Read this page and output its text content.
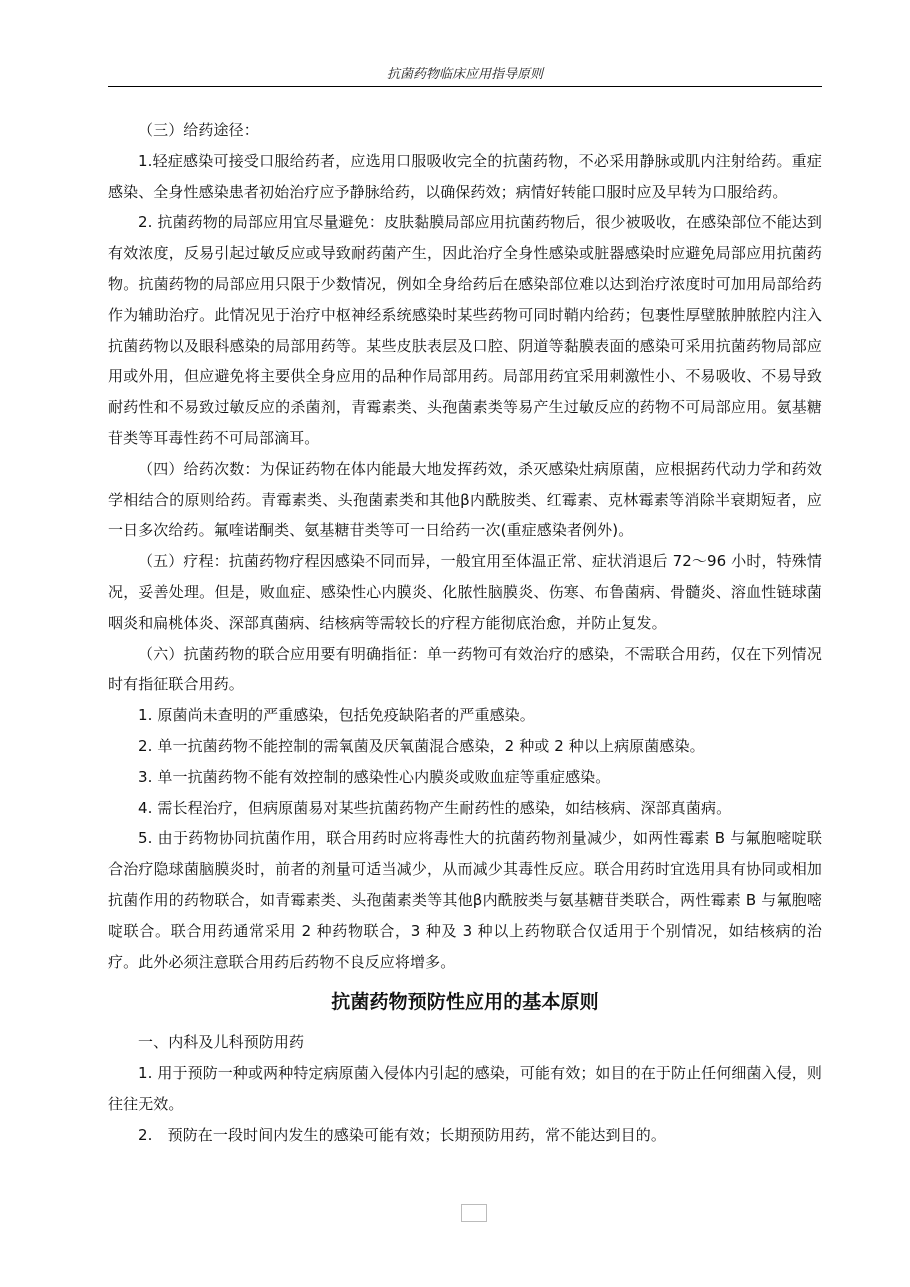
抗菌药物临床应用指导原则

（三）给药途径：

1.轻症感染可接受口服给药者，应选用口服吸收完全的抗菌药物，不必采用静脉或肌内注射给药。重症感染、全身性感染患者初始治疗应予静脉给药，以确保药效；病情好转能口服时应及早转为口服给药。

2. 抗菌药物的局部应用宜尽量避免：皮肤黏膜局部应用抗菌药物后，很少被吸收，在感染部位不能达到有效浓度，反易引起过敏反应或导致耐药菌产生，因此治疗全身性感染或脏器感染时应避免局部应用抗菌药物。抗菌药物的局部应用只限于少数情况，例如全身给药后在感染部位难以达到治疗浓度时可加用局部给药作为辅助治疗。此情况见于治疗中枢神经系统感染时某些药物可同时鞘内给药；包裹性厚壁脓肿脓腔内注入抗菌药物以及眼科感染的局部用药等。某些皮肤表层及口腔、阴道等黏膜表面的感染可采用抗菌药物局部应用或外用，但应避免将主要供全身应用的品种作局部用药。局部用药宜采用刺激性小、不易吸收、不易导致耐药性和不易致过敏反应的杀菌剂，青霉素类、头孢菌素类等易产生过敏反应的药物不可局部应用。氨基糖苷类等耳毒性药不可局部滴耳。

（四）给药次数：为保证药物在体内能最大地发挥药效，杀灭感染灶病原菌，应根据药代动力学和药效学相结合的原则给药。青霉素类、头孢菌素类和其他β内酰胺类、红霉素、克林霉素等消除半衰期短者，应一日多次给药。氟喹诺酮类、氨基糖苷类等可一日给药一次(重症感染者例外)。

（五）疗程：抗菌药物疗程因感染不同而异，一般宜用至体温正常、症状消退后 72～96 小时，特殊情况，妥善处理。但是，败血症、感染性心内膜炎、化脓性脑膜炎、伤寒、布鲁菌病、骨髓炎、溶血性链球菌咽炎和扁桃体炎、深部真菌病、结核病等需较长的疗程方能彻底治愈，并防止复发。

（六）抗菌药物的联合应用要有明确指征：单一药物可有效治疗的感染，不需联合用药，仅在下列情况时有指征联合用药。

1. 原菌尚未查明的严重感染，包括免疫缺陷者的严重感染。

2. 单一抗菌药物不能控制的需氧菌及厌氧菌混合感染，2 种或 2 种以上病原菌感染。

3. 单一抗菌药物不能有效控制的感染性心内膜炎或败血症等重症感染。

4. 需长程治疗，但病原菌易对某些抗菌药物产生耐药性的感染，如结核病、深部真菌病。

5. 由于药物协同抗菌作用，联合用药时应将毒性大的抗菌药物剂量减少，如两性霉素 B 与氟胞嘧啶联合治疗隐球菌脑膜炎时，前者的剂量可适当减少，从而减少其毒性反应。联合用药时宜选用具有协同或相加抗菌作用的药物联合，如青霉素类、头孢菌素类等其他β内酰胺类与氨基糖苷类联合，两性霉素 B 与氟胞嘧啶联合。联合用药通常采用 2 种药物联合，3 种及 3 种以上药物联合仅适用于个别情况，如结核病的治疗。此外必须注意联合用药后药物不良反应将增多。

抗菌药物预防性应用的基本原则

一、内科及儿科预防用药

1. 用于预防一种或两种特定病原菌入侵体内引起的感染，可能有效；如目的在于防止任何细菌入侵，则往往无效。

2.　预防在一段时间内发生的感染可能有效；长期预防用药，常不能达到目的。
